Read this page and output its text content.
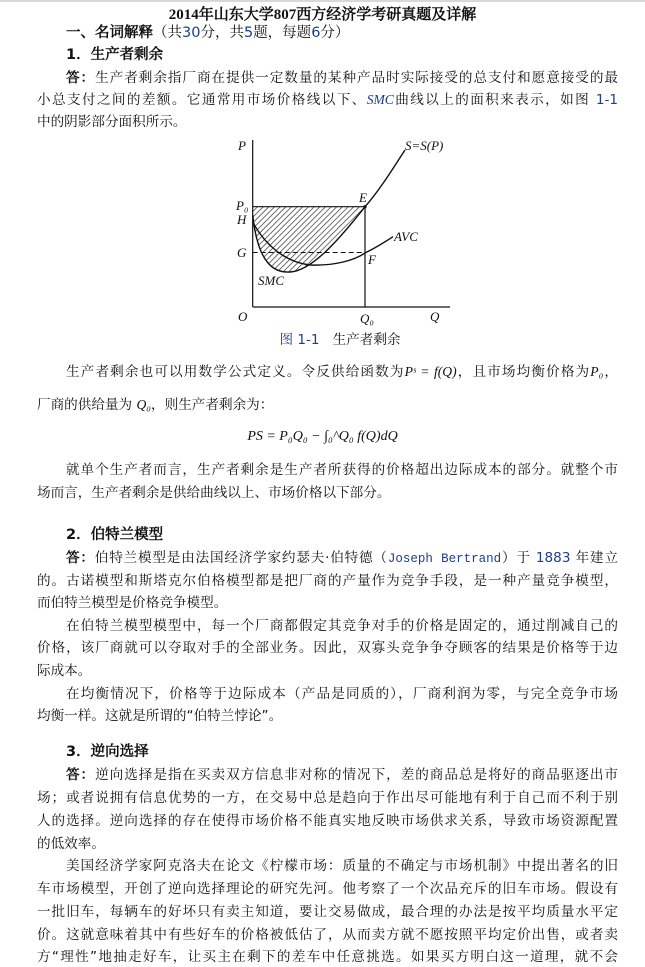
2014年山东大学807西方经济学考研真题及详解
一、名词解释（共30分，共5题，每题6分）
1．生产者剩余
答：生产者剩余指厂商在提供一定数量的某种产品时实际接受的总支付和愿意接受的最
小总支付之间的差额。它通常用市场价格线以下、SMC曲线以上的面积来表示，如图 1-1
中的阴影部分面积所示。
P
P₀
H
G
O
E
F
Q₀	Q
S=S(P)
AVC
SMC
图 1-1 生产者剩余
生产者剩余也可以用数学公式定义。令反供给函数为Pˢ = f(Q)，且市场均衡价格为P₀，
厂商的供给量为 Q₀，则生产者剩余为：
PS = P₀Q₀ − ∫₀^Q₀ f(Q)dQ
就单个生产者而言，生产者剩余是生产者所获得的价格超出边际成本的部分。就整个市
场而言，生产者剩余是供给曲线以上、市场价格以下部分。
2．伯特兰模型
答：伯特兰模型是由法国经济学家约瑟夫·伯特德（Joseph Bertrand）于 1883 年建立
的。古诺模型和斯塔克尔伯格模型都是把厂商的产量作为竞争手段，是一种产量竞争模型，
而伯特兰模型是价格竞争模型。
在伯特兰模型模型中，每一个厂商都假定其竞争对手的价格是固定的，通过削减自己的
价格，该厂商就可以夺取对手的全部业务。因此，双寡头竞争争夺顾客的结果是价格等于边
际成本。
在均衡情况下，价格等于边际成本（产品是同质的），厂商利润为零，与完全竞争市场
均衡一样。这就是所谓的“伯特兰悖论”。
3．逆向选择
答：逆向选择是指在买卖双方信息非对称的情况下，差的商品总是将好的商品驱逐出市
场；或者说拥有信息优势的一方，在交易中总是趋向于作出尽可能地有利于自己而不利于别
人的选择。逆向选择的存在使得市场价格不能真实地反映市场供求关系，导致市场资源配置
的低效率。
美国经济学家阿克洛夫在论文《柠檬市场：质量的不确定与市场机制》中提出著名的旧
车市场模型，开创了逆向选择理论的研究先河。他考察了一个次品充斥的旧车市场。假设有
一批旧车，每辆车的好坏只有卖主知道，要让交易做成，最合理的办法是按平均质量水平定
价。这就意味着其中有些好车的价格被低估了，从而卖方就不愿按照平均定价出售，或者卖
方“理性”地抽走好车，让买主在剩下的差车中任意挑选。如果买方明白这一道理，就不会
